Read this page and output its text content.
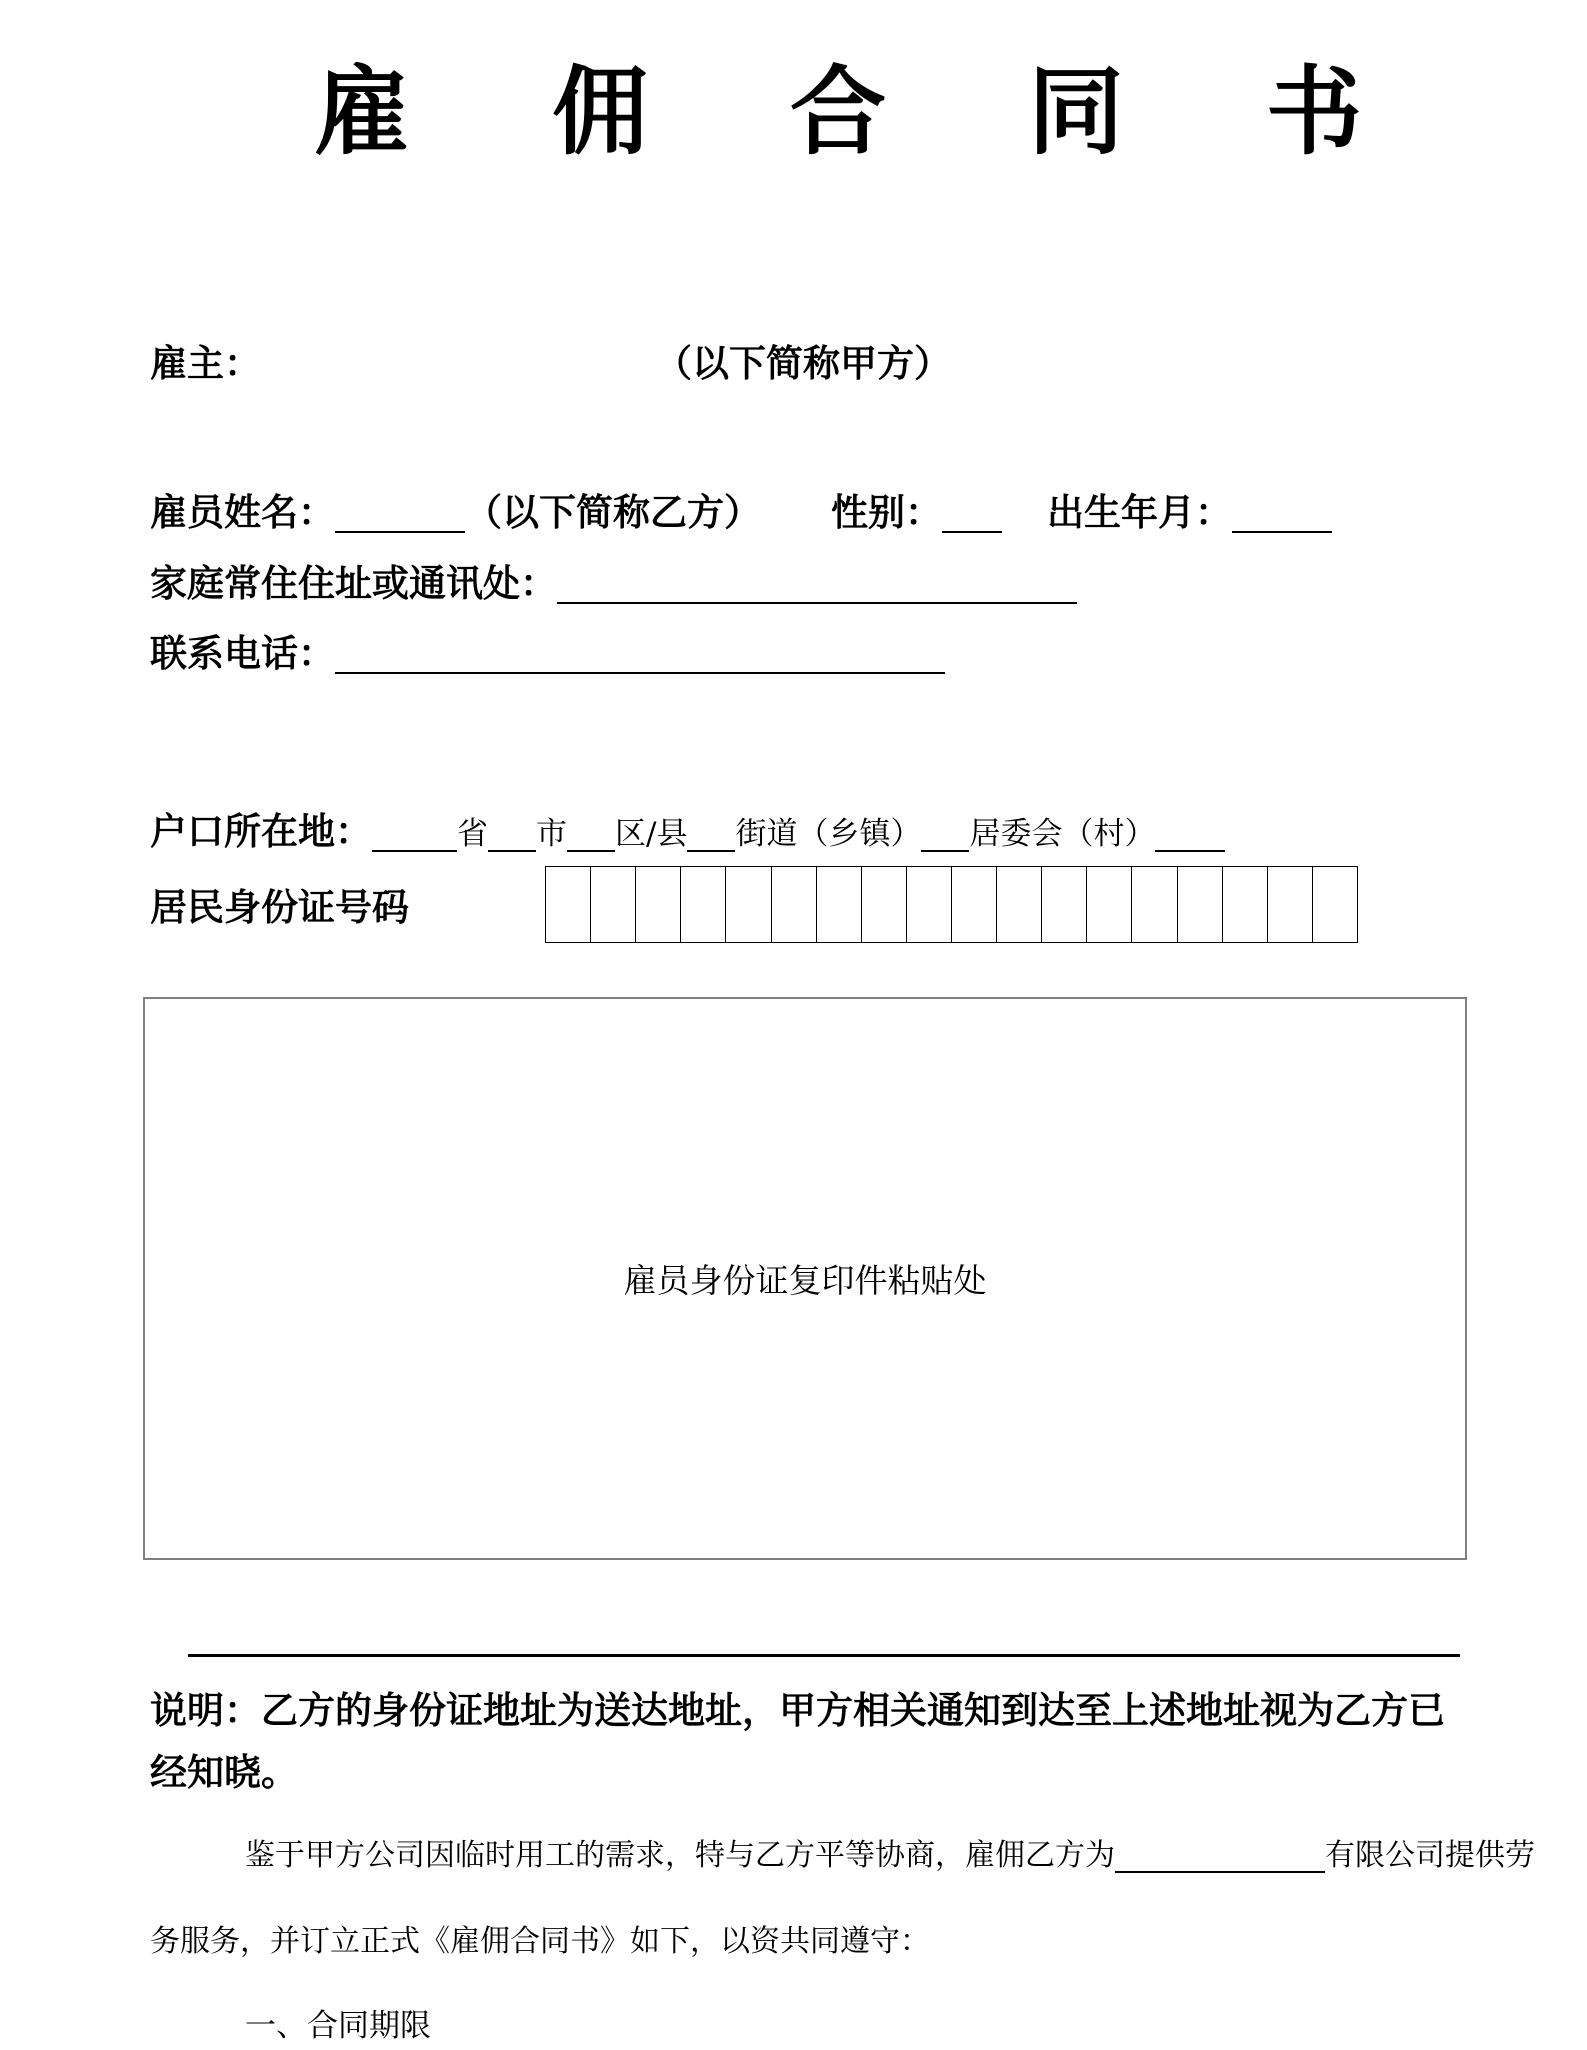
雇佣合同书
雇主：	（以下简称甲方）
雇员姓名：	（以下简称乙方） 性别：	出生年月：
家庭常住住址或通讯处：
联系电话：
户口所在地：	省 市 区/县 街道（乡镇） 居委会（村）
居民身份证号码
雇员身份证复印件粘贴处
说明：乙方的身份证地址为送达地址，甲方相关通知到达至上述地址视为乙方已经知晓。
鉴于甲方公司因临时用工的需求，特与乙方平等协商，雇佣乙方为	有限公司提供劳
务服务，并订立正式《雇佣合同书》如下，以资共同遵守：
一、合同期限
